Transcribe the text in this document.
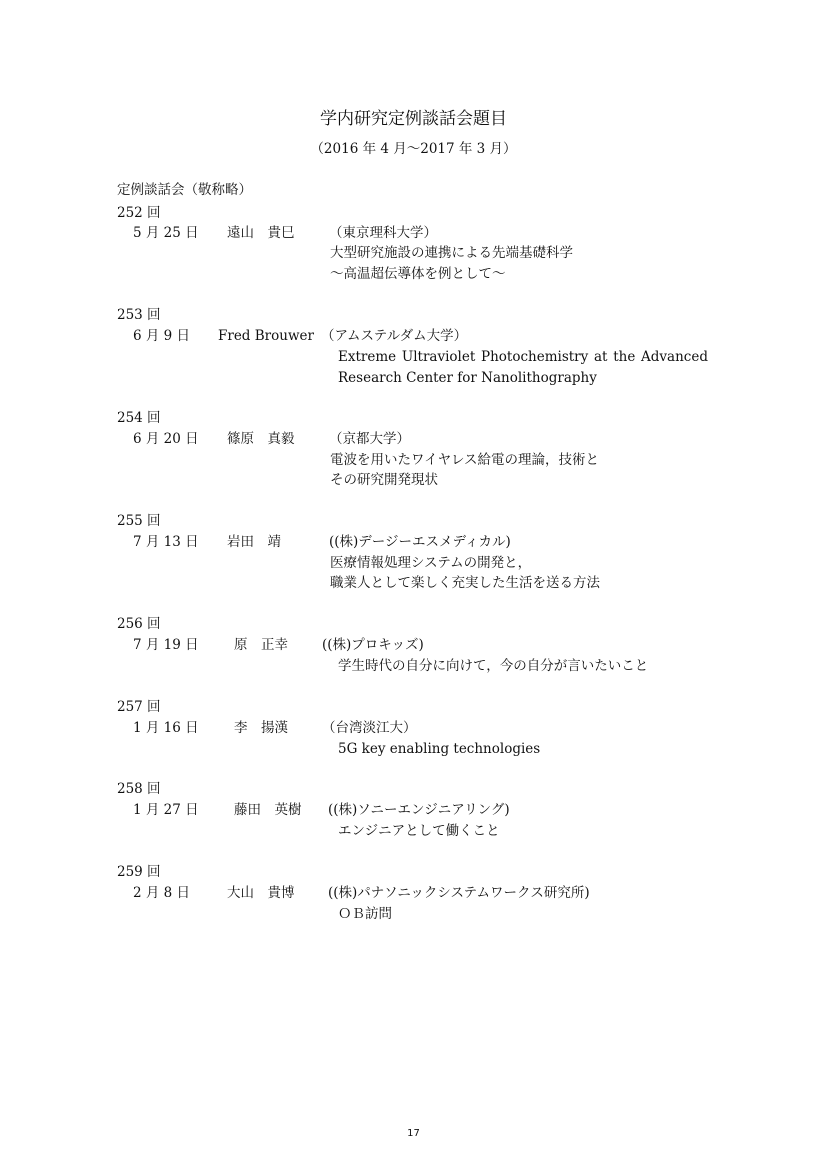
学内研究定例談話会題目
（2016 年 4 月～2017 年 3 月）
定例談話会（敬称略）
252 回
5 月 25 日 遠山　貴巳	（東京理科大学）
大型研究施設の連携による先端基礎科学
～高温超伝導体を例として～
253 回
6 月 9 日 Fred Brouwer （アムステルダム大学）
Extreme Ultraviolet Photochemistry at the Advanced
Research Center for Nanolithography
254 回
6 月 20 日 篠原　真毅	（京都大学）
電波を用いたワイヤレス給電の理論，技術と
その研究開発現状
255 回
7 月 13 日 岩田　靖	((株)デージーエスメディカル)
医療情報処理システムの開発と，
職業人として楽しく充実した生活を送る方法
256 回
7 月 19 日	原　正幸	((株)プロキッズ)
学生時代の自分に向けて，今の自分が言いたいこと
257 回
1 月 16 日	李　揚漢	（台湾淡江大）
5G key enabling technologies
258 回
1 月 27 日	藤田　英樹 ((株)ソニーエンジニアリング)
エンジニアとして働くこと
259 回
2 月 8 日	大山　貴博 ((株)パナソニックシステムワークス研究所)
ＯＢ訪問
17
